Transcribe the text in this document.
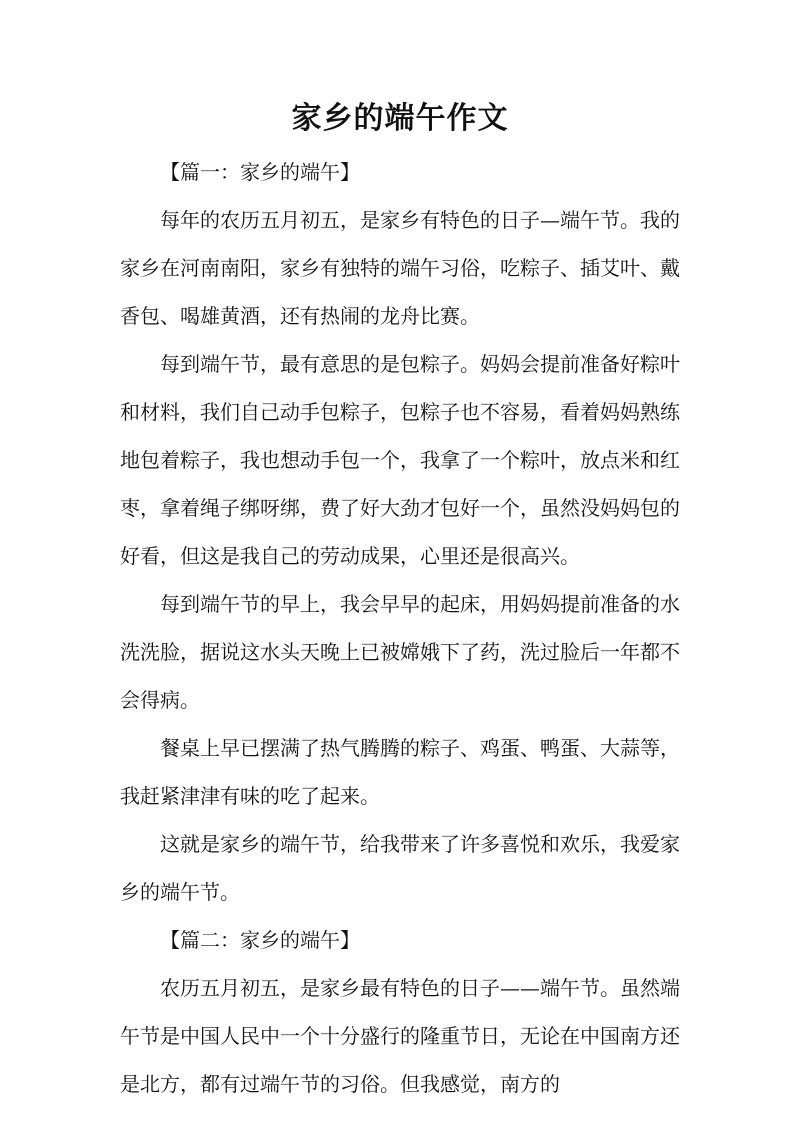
家乡的端午作文

【篇一：家乡的端午】

每年的农历五月初五，是家乡有特色的日子—端午节。我的家乡在河南南阳，家乡有独特的端午习俗，吃粽子、插艾叶、戴香包、喝雄黄酒，还有热闹的龙舟比赛。

每到端午节，最有意思的是包粽子。妈妈会提前准备好粽叶和材料，我们自己动手包粽子，包粽子也不容易，看着妈妈熟练地包着粽子，我也想动手包一个，我拿了一个粽叶，放点米和红枣，拿着绳子绑呀绑，费了好大劲才包好一个，虽然没妈妈包的好看，但这是我自己的劳动成果，心里还是很高兴。

每到端午节的早上，我会早早的起床，用妈妈提前准备的水洗洗脸，据说这水头天晚上已被嫦娥下了药，洗过脸后一年都不会得病。

餐桌上早已摆满了热气腾腾的粽子、鸡蛋、鸭蛋、大蒜等，我赶紧津津有味的吃了起来。

这就是家乡的端午节，给我带来了许多喜悦和欢乐，我爱家乡的端午节。

【篇二：家乡的端午】

农历五月初五，是家乡最有特色的日子——端午节。虽然端午节是中国人民中一个十分盛行的隆重节日，无论在中国南方还是北方，都有过端午节的习俗。但我感觉，南方的
